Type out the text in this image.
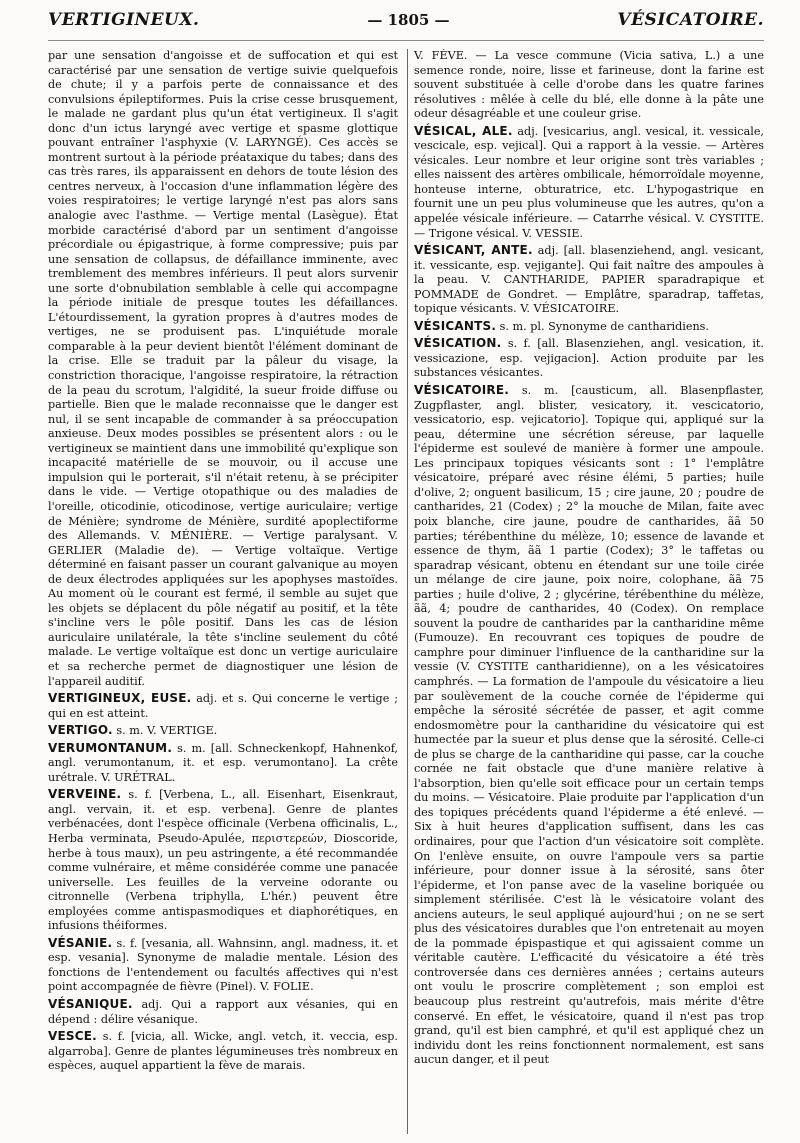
VERTIGINEUX.	— 1805 —	VÉSICATOIRE.

par une sensation d'angoisse et de suffocation et qui est caractérisé par une sensation de vertige suivie quelquefois de chute; il y a parfois perte de connaissance et des convulsions épileptiformes. Puis la crise cesse brusquement, le malade ne gardant plus qu'un état vertigineux. Il s'agit donc d'un ictus laryngé avec vertige et spasme glottique pouvant entraîner l'asphyxie (V. LARYNGÉ). Ces accès se montrent surtout à la période préataxique du tabes; dans des cas très rares, ils apparaissent en dehors de toute lésion des centres nerveux, à l'occasion d'une inflammation légère des voies respiratoires; le vertige laryngé n'est pas alors sans analogie avec l'asthme. — Vertige mental (Lasègue). État morbide caractérisé d'abord par un sentiment d'angoisse précordiale ou épigastrique, à forme compressive; puis par une sensation de collapsus, de défaillance imminente, avec tremblement des membres inférieurs. Il peut alors survenir une sorte d'obnubilation semblable à celle qui accompagne la période initiale de presque toutes les défaillances. L'étourdissement, la gyration propres à d'autres modes de vertiges, ne se produisent pas. L'inquiétude morale comparable à la peur devient bientôt l'élément dominant de la crise. Elle se traduit par la pâleur du visage, la constriction thoracique, l'angoisse respiratoire, la rétraction de la peau du scrotum, l'algidité, la sueur froide diffuse ou partielle. Bien que le malade reconnaisse que le danger est nul, il se sent incapable de commander à sa préoccupation anxieuse. Deux modes possibles se présentent alors : ou le vertigineux se maintient dans une immobilité qu'explique son incapacité matérielle de se mouvoir, ou il accuse une impulsion qui le porterait, s'il n'était retenu, à se précipiter dans le vide. — Vertige otopathique ou des maladies de l'oreille, oticodinie, oticodinose, vertige auriculaire; vertige de Ménière; syndrome de Ménière, surdité apoplectiforme des Allemands. V. MÉNIÈRE. — Vertige paralysant. V. GERLIER (Maladie de). — Vertige voltaïque. Vertige déterminé en faisant passer un courant galvanique au moyen de deux électrodes appliquées sur les apophyses mastoïdes. Au moment où le courant est fermé, il semble au sujet que les objets se déplacent du pôle négatif au positif, et la tête s'incline vers le pôle positif. Dans les cas de lésion auriculaire unilatérale, la tête s'incline seulement du côté malade. Le vertige voltaïque est donc un vertige auriculaire et sa recherche permet de diagnostiquer une lésion de l'appareil auditif.

VERTIGINEUX, EUSE. adj. et s. Qui concerne le vertige ; qui en est atteint.

VERTIGO. s. m. V. VERTIGE.

VERUMONTANUM. s. m. [all. Schneckenkopf, Hahnenkof, angl. verumontanum, it. et esp. verumontano]. La crête urétrale. V. URÉTRAL.

VERVEINE. s. f. [Verbena, L., all. Eisenhart, Eisenkraut, angl. vervain, it. et esp. verbena]. Genre de plantes verbénacées, dont l'espèce officinale (Verbena officinalis, L., Herba verminata, Pseudo-Apulée, περιστερεών, Dioscoride, herbe à tous maux), un peu astringente, a été recommandée comme vulnéraire, et même considérée comme une panacée universelle. Les feuilles de la verveine odorante ou citronnelle (Verbena triphylla, L'hér.) peuvent être employées comme antispasmodiques et diaphorétiques, en infusions théiformes.

VÉSANIE. s. f. [vesania, all. Wahnsinn, angl. madness, it. et esp. vesania]. Synonyme de maladie mentale. Lésion des fonctions de l'entendement ou facultés affectives qui n'est point accompagnée de fièvre (Pinel). V. FOLIE.

VÉSANIQUE. adj. Qui a rapport aux vésanies, qui en dépend : délire vésanique.

VESCE. s. f. [vicia, all. Wicke, angl. vetch, it. veccia, esp. algarroba]. Genre de plantes légumineuses très nombreux en espèces, auquel appartient la fève de marais.

V. FÈVE. — La vesce commune (Vicia sativa, L.) a une semence ronde, noire, lisse et farineuse, dont la farine est souvent substituée à celle d'orobe dans les quatre farines résolutives : mêlée à celle du blé, elle donne à la pâte une odeur désagréable et une couleur grise.

VÉSICAL, ALE. adj. [vesicarius, angl. vesical, it. vessicale, vescicale, esp. vejical]. Qui a rapport à la vessie. — Artères vésicales. Leur nombre et leur origine sont très variables ; elles naissent des artères ombilicale, hémorroïdale moyenne, honteuse interne, obturatrice, etc. L'hypogastrique en fournit une un peu plus volumineuse que les autres, qu'on a appelée vésicale inférieure. — Catarrhe vésical. V. CYSTITE. — Trigone vésical. V. VESSIE.

VÉSICANT, ANTE. adj. [all. blasenziehend, angl. vesicant, it. vessicante, esp. vejigante]. Qui fait naître des ampoules à la peau. V. CANTHARIDE, PAPIER sparadrapique et POMMADE de Gondret. — Emplâtre, sparadrap, taffetas, topique vésicants. V. VÉSICATOIRE.

VÉSICANTS. s. m. pl. Synonyme de cantharidiens.

VÉSICATION. s. f. [all. Blasenziehen, angl. vesication, it. vessicazione, esp. vejigacion]. Action produite par les substances vésicantes.

VÉSICATOIRE. s. m. [causticum, all. Blasenpflaster, Zugpflaster, angl. blister, vesicatory, it. vescicatorio, vessicatorio, esp. vejicatorio]. Topique qui, appliqué sur la peau, détermine une sécrétion séreuse, par laquelle l'épiderme est soulevé de manière à former une ampoule. Les principaux topiques vésicants sont : 1° l'emplâtre vésicatoire, préparé avec résine élémi, 5 parties; huile d'olive, 2; onguent basilicum, 15 ; cire jaune, 20 ; poudre de cantharides, 21 (Codex) ; 2° la mouche de Milan, faite avec poix blanche, cire jaune, poudre de cantharides, ãã 50 parties; térébenthine du mélèze, 10; essence de lavande et essence de thym, ãã 1 partie (Codex); 3° le taffetas ou sparadrap vésicant, obtenu en étendant sur une toile cirée un mélange de cire jaune, poix noire, colophane, ãã 75 parties ; huile d'olive, 2 ; glycérine, térébenthine du mélèze, ãã, 4; poudre de cantharides, 40 (Codex). On remplace souvent la poudre de cantharides par la cantharidine même (Fumouze). En recouvrant ces topiques de poudre de camphre pour diminuer l'influence de la cantharidine sur la vessie (V. CYSTITE cantharidienne), on a les vésicatoires camphrés. — La formation de l'ampoule du vésicatoire a lieu par soulèvement de la couche cornée de l'épiderme qui empêche la sérosité sécrétée de passer, et agit comme endosmomètre pour la cantharidine du vésicatoire qui est humectée par la sueur et plus dense que la sérosité. Celle-ci de plus se charge de la cantharidine qui passe, car la couche cornée ne fait obstacle que d'une manière relative à l'absorption, bien qu'elle soit efficace pour un certain temps du moins. — Vésicatoire. Plaie produite par l'application d'un des topiques précédents quand l'épiderme a été enlevé. — Six à huit heures d'application suffisent, dans les cas ordinaires, pour que l'action d'un vésicatoire soit complète. On l'enlève ensuite, on ouvre l'ampoule vers sa partie inférieure, pour donner issue à la sérosité, sans ôter l'épiderme, et l'on panse avec de la vaseline boriquée ou simplement stérilisée. C'est là le vésicatoire volant des anciens auteurs, le seul appliqué aujourd'hui ; on ne se sert plus des vésicatoires durables que l'on entretenait au moyen de la pommade épispastique et qui agissaient comme un véritable cautère. L'efficacité du vésicatoire a été très controversée dans ces dernières années ; certains auteurs ont voulu le proscrire complètement ; son emploi est beaucoup plus restreint qu'autrefois, mais mérite d'être conservé. En effet, le vésicatoire, quand il n'est pas trop grand, qu'il est bien camphré, et qu'il est appliqué chez un individu dont les reins fonctionnent normalement, est sans aucun danger, et il peut
